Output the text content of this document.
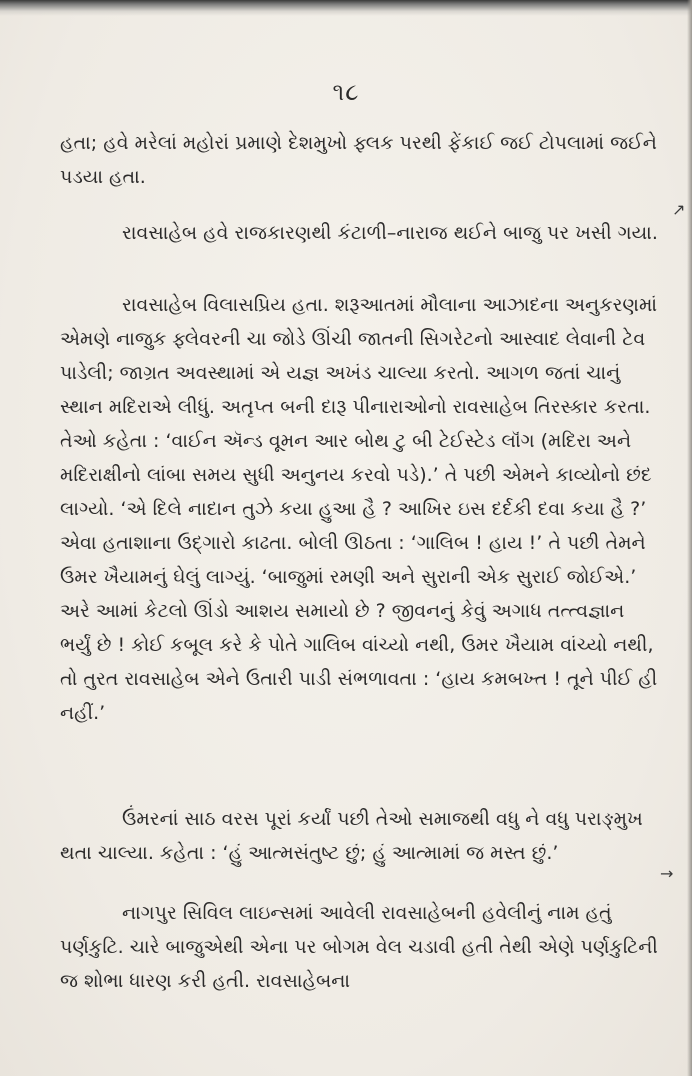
૧૮

હતા; હવે મરેલાં મહોરાં પ્રમાણે દેશમુખો ફ્લક પરથી ફેંકાઈ જઈ ટોપલામાં જઈને પડયા હતા.

રાવસાહેબ હવે રાજકારણથી કંટાળી–નારાજ થઈને બાજુ પર ખસી ગયા.

રાવસાહેબ વિલાસપ્રિય હતા. શરૂઆતમાં મૌલાના આઝાદના અનુકરણમાં એમણે નાજુક ફ્લેવરની ચા જોડે ઊંચી જાતની સિગરેટનો આસ્વાદ લેવાની ટેવ પાડેલી; જાગ્રત અવસ્થામાં એ યજ્ઞ અખંડ ચાલ્યા કરતો. આગળ જતાં ચાનું સ્થાન મદિરાએ લીધું. અતૃપ્ત બની દારૂ પીનારાઓનો રાવસાહેબ તિરસ્કાર કરતા. તેઓ કહેતા : ‘વાઈન ઍન્ડ વૂમન આર બોથ ટુ બી ટેઈસ્ટેડ લૉંગ (મદિરા અને મદિરાક્ષીનો લાંબા સમય સુધી અનુનય કરવો પડે).’ તે પછી એમને કાવ્યોનો છંદ લાગ્યો. ‘એ દિલે નાદાન તુઝે કયા હુઆ હૈ ? આખિર ઇસ દર્દકી દવા કયા હૈ ?’ એવા હતાશાના ઉદ્ગારો કાઢતા. બોલી ઊઠતા : ‘ગાલિબ ! હાય !’ તે પછી તેમને ઉમર ખૈયામનું ઘેલું લાગ્યું. ‘બાજુમાં રમણી અને સુરાની એક સુરાઈ જોઈએ.’ અરે આમાં કેટલો ઊંડો આશય સમાયો છે ? જીવનનું કેવું અગાધ તત્ત્વજ્ઞાન ભર્યું છે ! કોઈ કબૂલ કરે કે પોતે ગાલિબ વાંચ્યો નથી, ઉમર ખૈયામ વાંચ્યો નથી, તો તુરત રાવસાહેબ એને ઉતારી પાડી સંભળાવતા : ‘હાય કમબખ્ત ! તૂને પીઈ હી નહીં.’

ઉંમરનાં સાઠ વરસ પૂરાં કર્યાં પછી તેઓ સમાજથી વધુ ને વધુ પરાઙ્મુખ થતા ચાલ્યા. કહેતા : ‘હું આત્મસંતુષ્ટ છું; હું આત્મામાં જ મસ્ત છું.’

નાગપુર સિવિલ લાઇન્સમાં આવેલી રાવસાહેબની હવેલીનું નામ હતું પર્ણકુટિ. ચારે બાજુએથી એના પર બોગમ વેલ ચડાવી હતી તેથી એણે પર્ણકુટિની જ શોભા ધારણ કરી હતી. રાવસાહેબના

↗
→
